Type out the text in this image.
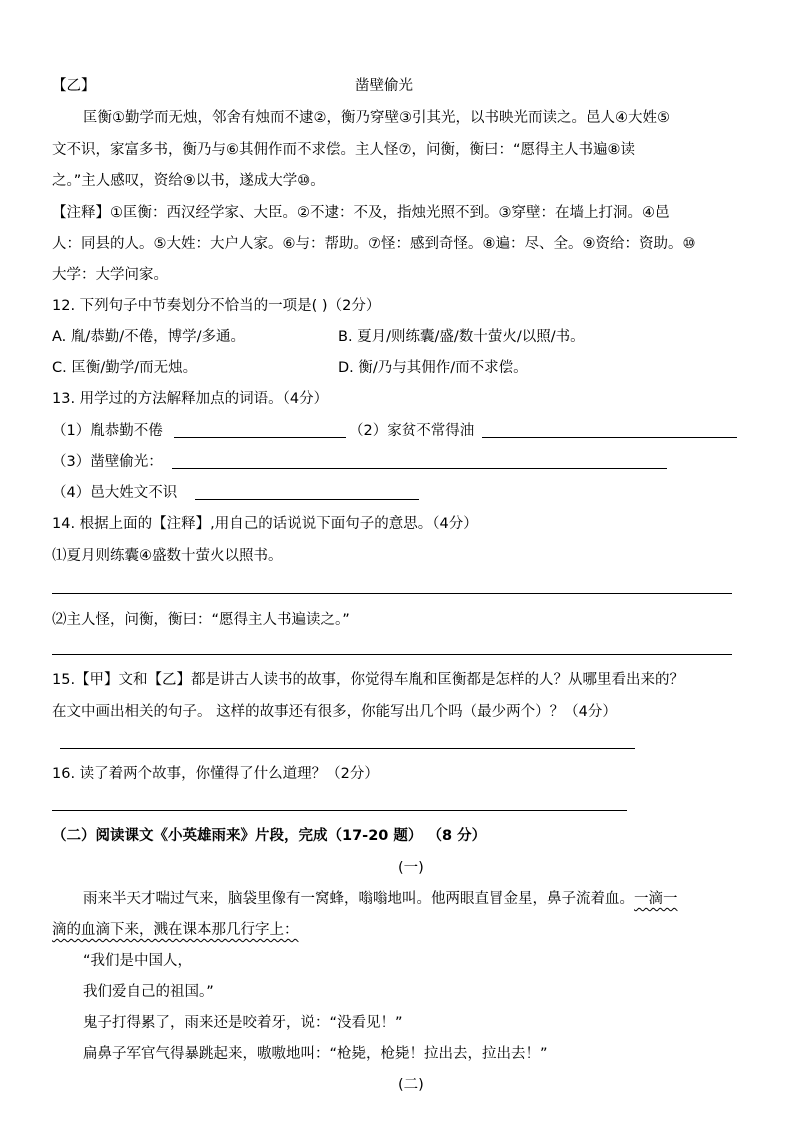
【乙】	凿壁偷光
匡衡①勤学而无烛，邻舍有烛而不逮②，衡乃穿壁③引其光，以书映光而读之。邑人④大姓⑤
文不识，家富多书，衡乃与⑥其佣作而不求偿。主人怪⑦，问衡，衡曰：“愿得主人书遍⑧读
之。”主人感叹，资给⑨以书，遂成大学⑩。
【注释】①匡衡：西汉经学家、大臣。②不逮：不及，指烛光照不到。③穿壁：在墙上打洞。④邑
人：同县的人。⑤大姓：大户人家。⑥与：帮助。⑦怪：感到奇怪。⑧遍：尽、全。⑨资给：资助。⑩
大学：大学问家。
12. 下列句子中节奏划分不恰当的一项是( )（2分）
A. 胤/恭勤/不倦，博学/多通。	B. 夏月/则练囊/盛/数十萤火/以照/书。
C. 匡衡/勤学/而无烛。	D. 衡/乃与其佣作/而不求偿。
13. 用学过的方法解释加点的词语。（4分）
（1）胤恭勤不倦	（2）家贫不常得油
（3）凿壁偷光：
（4）邑大姓文不识
14. 根据上面的【注释】,用自己的话说说下面句子的意思。（4分）
⑴夏月则练囊④盛数十萤火以照书。
⑵主人怪，问衡，衡曰：“愿得主人书遍读之。”
15.【甲】文和【乙】都是讲古人读书的故事，你觉得车胤和匡衡都是怎样的人？从哪里看出来的？
在文中画出相关的句子。 这样的故事还有很多，你能写出几个吗（最少两个）？（4分）
16. 读了着两个故事，你懂得了什么道理？（2分）
（二）阅读课文《小英雄雨来》片段，完成（17-20 题） （8 分）
(一)
雨来半天才喘过气来，脑袋里像有一窝蜂，嗡嗡地叫。他两眼直冒金星，鼻子流着血。一滴一
滴的血滴下来，溅在课本那几行字上：
“我们是中国人，
我们爱自己的祖国。”
鬼子打得累了，雨来还是咬着牙，说：“没看见！”
扁鼻子军官气得暴跳起来，嗷嗷地叫：“枪毙，枪毙！拉出去，拉出去！”
(二)
